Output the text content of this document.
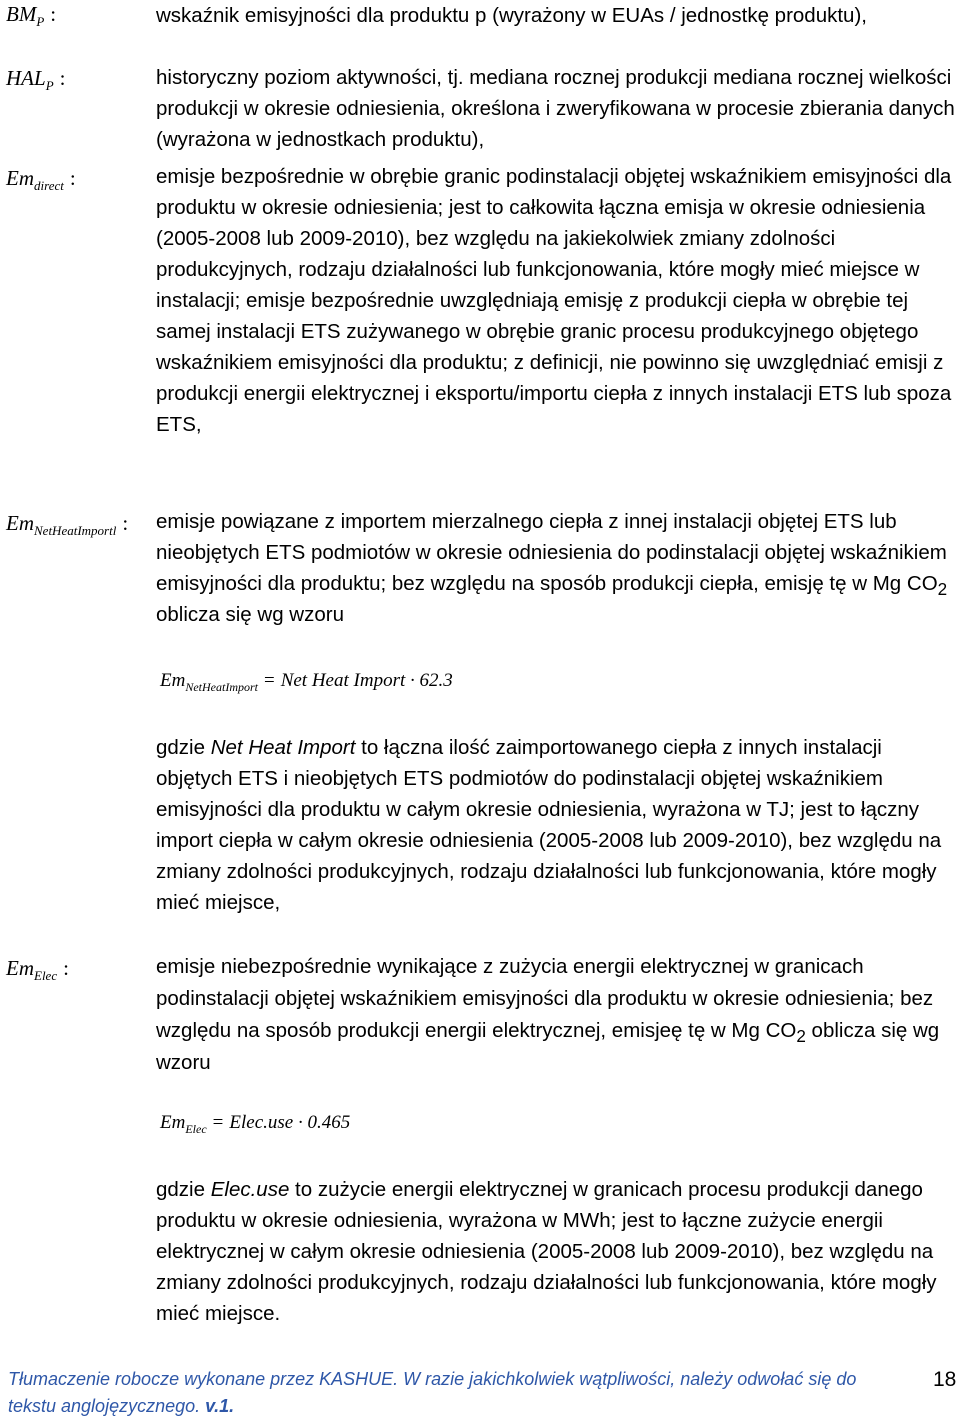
$BM_P$ :	wskaźnik emisyjności dla produktu p (wyrażony w EUAs / jednostkę produktu),
$HAL_P$ :	historyczny poziom aktywności, tj. mediana rocznej produkcji mediana rocznej wielkości produkcji w okresie odniesienia, określona i zweryfikowana w procesie zbierania danych (wyrażona w jednostkach produktu),
$Em_{direct}$ :	emisje bezpośrednie w obrębie granic podinstalacji objętej wskaźnikiem emisyjności dla produktu w okresie odniesienia; jest to całkowita łączna emisja w okresie odniesienia (2005-2008 lub 2009-2010), bez względu na jakiekolwiek zmiany zdolności produkcyjnych, rodzaju działalności lub funkcjonowania, które mogły mieć miejsce w instalacji; emisje bezpośrednie uwzględniają emisję z produkcji ciepła w obrębie tej samej instalacji ETS zużywanego w obrębie granic procesu produkcyjnego objętego wskaźnikiem emisyjności dla produktu; z definicji, nie powinno się uwzględniać emisji z produkcji energii elektrycznej i eksportu/importu ciepła z innych instalacji ETS lub spoza ETS,
$Em_{NetHeatImportl}$ : emisje powiązane z importem mierzalnego ciepła z innej instalacji objętej ETS lub nieobjętych ETS podmiotów w okresie odniesienia do podinstalacji objętej wskaźnikiem emisyjności dla produktu; bez względu na sposób produkcji ciepła, emisję tę w Mg $CO_2$ oblicza się wg wzoru
$Em_{NetHeatImport}$ = Net Heat Import · 62.3
gdzie Net Heat Import to łączna ilość zaimportowanego ciepła z innych instalacji objętych ETS i nieobjętych ETS podmiotów do podinstalacji objętej wskaźnikiem emisyjności dla produktu w całym okresie odniesienia, wyrażona w TJ; jest to łączny import ciepła w całym okresie odniesienia (2005-2008 lub 2009-2010), bez względu na zmiany zdolności produkcyjnych, rodzaju działalności lub funkcjonowania, które mogły mieć miejsce,
$Em_{Elec}$ :	emisje niebezpośrednie wynikające z zużycia energii elektrycznej w granicach podinstalacji objętej wskaźnikiem emisyjności dla produktu w okresie odniesienia; bez względu na sposób produkcji energii elektrycznej, emisjeę tę w Mg $CO_2$ oblicza się wg wzoru
$Em_{Elec}$ = Elec.use · 0.465
gdzie Elec.use to zużycie energii elektrycznej w granicach procesu produkcji danego produktu w okresie odniesienia, wyrażona w MWh; jest to łączne zużycie energii elektrycznej w całym okresie odniesienia (2005-2008 lub 2009-2010), bez względu na zmiany zdolności produkcyjnych, rodzaju działalności lub funkcjonowania, które mogły mieć miejsce.
Tłumaczenie robocze wykonane przez KASHUE. W razie jakichkolwiek wątpliwości, należy odwołać się do tekstu anglojęzycznego. v.1.
18
